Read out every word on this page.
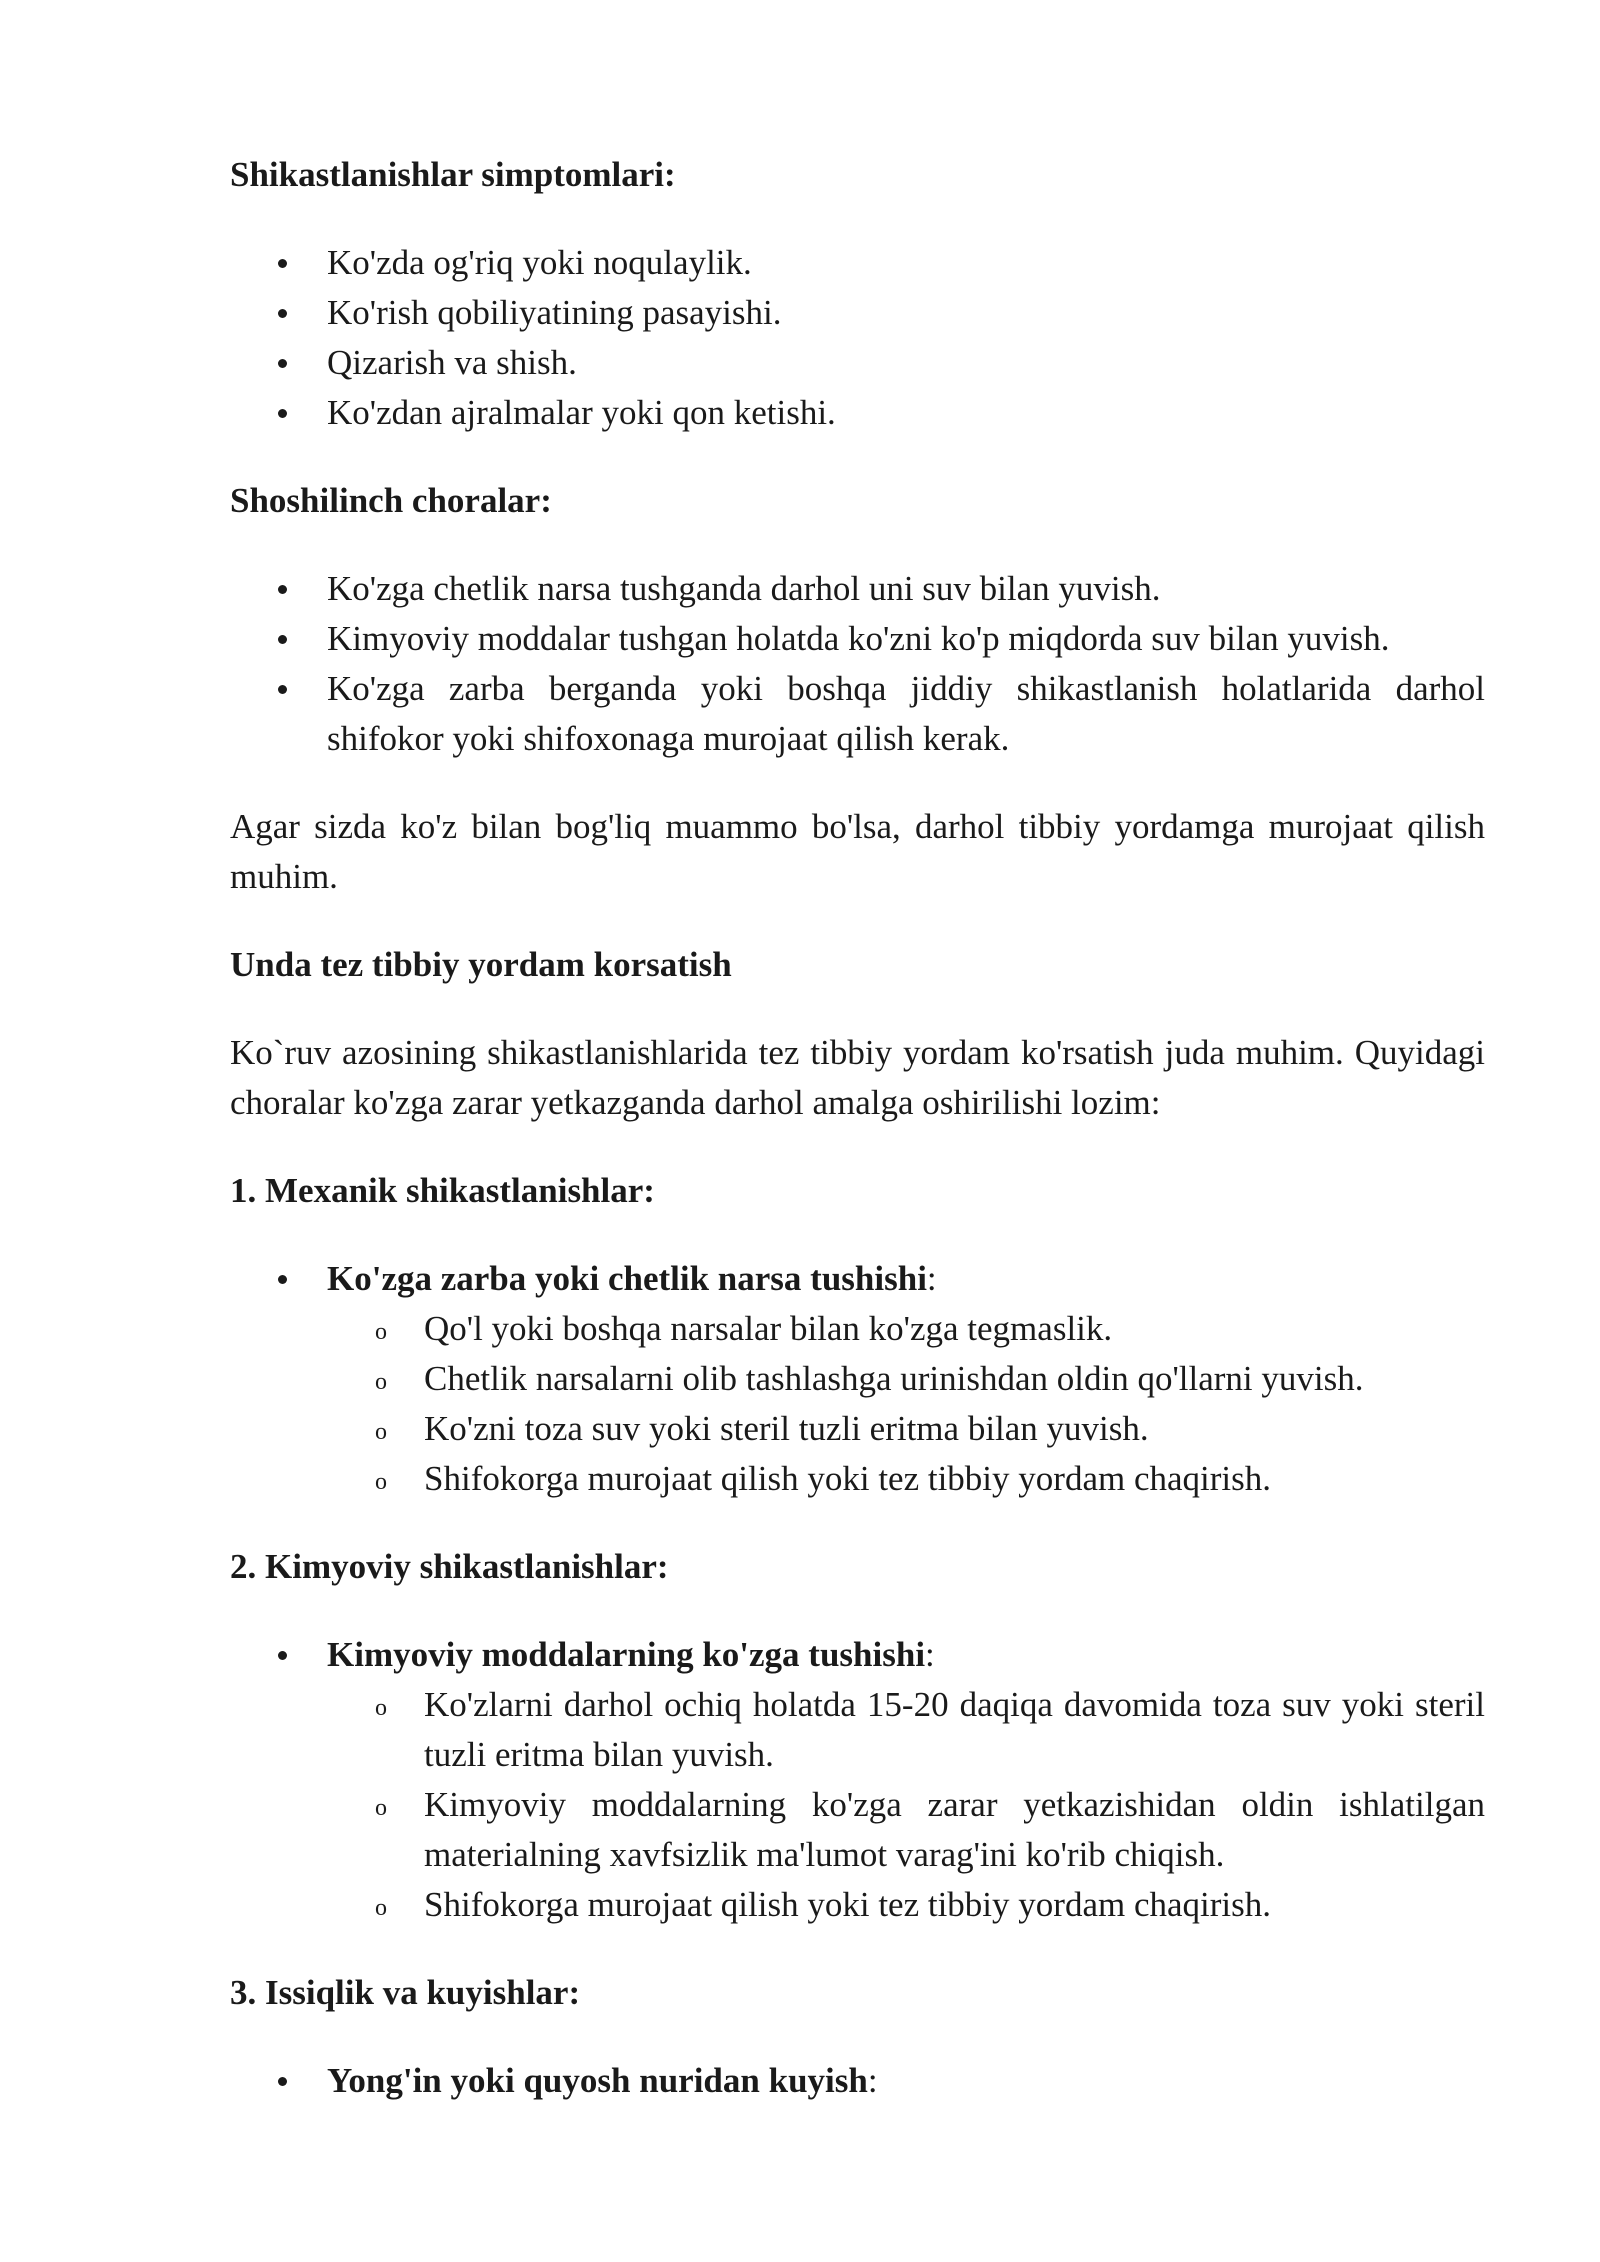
Shikastlanishlar simptomlari:
Ko'zda og'riq yoki noqulaylik.
Ko'rish qobiliyatining pasayishi.
Qizarish va shish.
Ko'zdan ajralmalar yoki qon ketishi.
Shoshilinch choralar:
Ko'zga chetlik narsa tushganda darhol uni suv bilan yuvish.
Kimyoviy moddalar tushgan holatda ko'zni ko'p miqdorda suv bilan yuvish.
Ko'zga zarba berganda yoki boshqa jiddiy shikastlanish holatlarida darhol shifokor yoki shifoxonaga murojaat qilish kerak.
Agar sizda ko'z bilan bog'liq muammo bo'lsa, darhol tibbiy yordamga murojaat qilish muhim.
Unda tez tibbiy yordam korsatish
Ko`ruv azosining shikastlanishlarida tez tibbiy yordam ko'rsatish juda muhim. Quyidagi choralar ko'zga zarar yetkazganda darhol amalga oshirilishi lozim:
1. Mexanik shikastlanishlar:
Ko'zga zarba yoki chetlik narsa tushishi:
o Qo'l yoki boshqa narsalar bilan ko'zga tegmaslik.
o Chetlik narsalarni olib tashlashga urinishdan oldin qo'llarni yuvish.
o Ko'zni toza suv yoki steril tuzli eritma bilan yuvish.
o Shifokorga murojaat qilish yoki tez tibbiy yordam chaqirish.
2. Kimyoviy shikastlanishlar:
Kimyoviy moddalarning ko'zga tushishi:
o Ko'zlarni darhol ochiq holatda 15-20 daqiqa davomida toza suv yoki steril tuzli eritma bilan yuvish.
o Kimyoviy moddalarning ko'zga zarar yetkazishidan oldin ishlatilgan materialning xavfsizlik ma'lumot varag'ini ko'rib chiqish.
o Shifokorga murojaat qilish yoki tez tibbiy yordam chaqirish.
3. Issiqlik va kuyishlar:
Yong'in yoki quyosh nuridan kuyish:
